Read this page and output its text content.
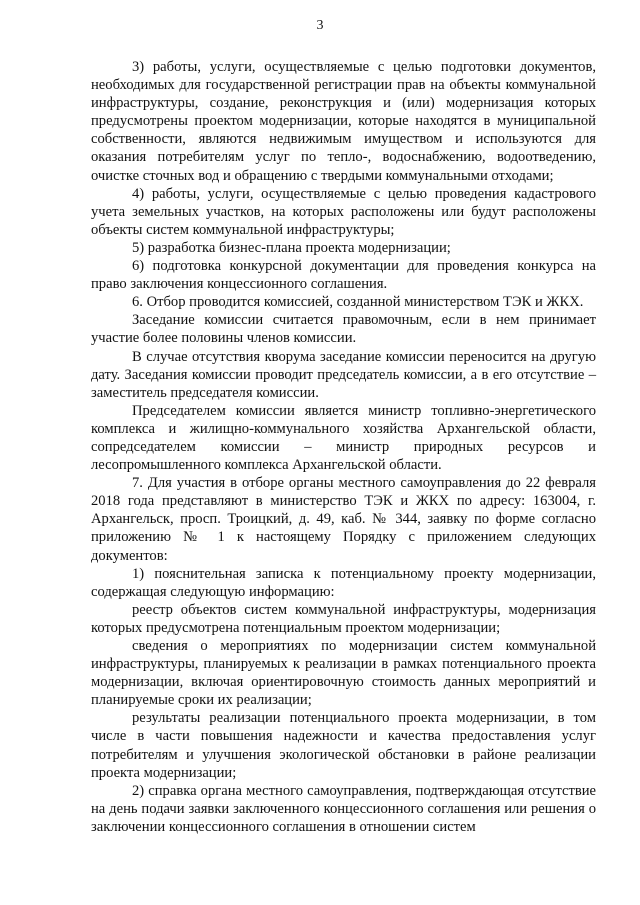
3

3) работы, услуги, осуществляемые с целью подготовки документов, необходимых для государственной регистрации прав на объекты коммунальной инфраструктуры, создание, реконструкция и (или) модернизация которых предусмотрены проектом модернизации, которые находятся в муниципальной собственности, являются недвижимым имуществом и используются для оказания потребителям услуг по тепло-, водоснабжению, водоотведению, очистке сточных вод и обращению с твердыми коммунальными отходами;

4) работы, услуги, осуществляемые с целью проведения кадастрового учета земельных участков, на которых расположены или будут расположены объекты систем коммунальной инфраструктуры;

5) разработка бизнес-плана проекта модернизации;

6) подготовка конкурсной документации для проведения конкурса на право заключения концессионного соглашения.

6. Отбор проводится комиссией, созданной министерством ТЭК и ЖКХ.

Заседание комиссии считается правомочным, если в нем принимает участие более половины членов комиссии.

В случае отсутствия кворума заседание комиссии переносится на другую дату. Заседания комиссии проводит председатель комиссии, а в его отсутствие – заместитель председателя комиссии.

Председателем комиссии является министр топливно-энергетического комплекса и жилищно-коммунального хозяйства Архангельской области, сопредседателем комиссии – министр природных ресурсов и лесопромышленного комплекса Архангельской области.

7. Для участия в отборе органы местного самоуправления до 22 февраля 2018 года представляют в министерство ТЭК и ЖКХ по адресу: 163004, г. Архангельск, просп. Троицкий, д. 49, каб. № 344, заявку по форме согласно приложению № 1 к настоящему Порядку с приложением следующих документов:

1) пояснительная записка к потенциальному проекту модернизации, содержащая следующую информацию:

реестр объектов систем коммунальной инфраструктуры, модернизация которых предусмотрена потенциальным проектом модернизации;

сведения о мероприятиях по модернизации систем коммунальной инфраструктуры, планируемых к реализации в рамках потенциального проекта модернизации, включая ориентировочную стоимость данных мероприятий и планируемые сроки их реализации;

результаты реализации потенциального проекта модернизации, в том числе в части повышения надежности и качества предоставления услуг потребителям и улучшения экологической обстановки в районе реализации проекта модернизации;

2) справка органа местного самоуправления, подтверждающая отсутствие на день подачи заявки заключенного концессионного соглашения или решения о заключении концессионного соглашения в отношении систем
